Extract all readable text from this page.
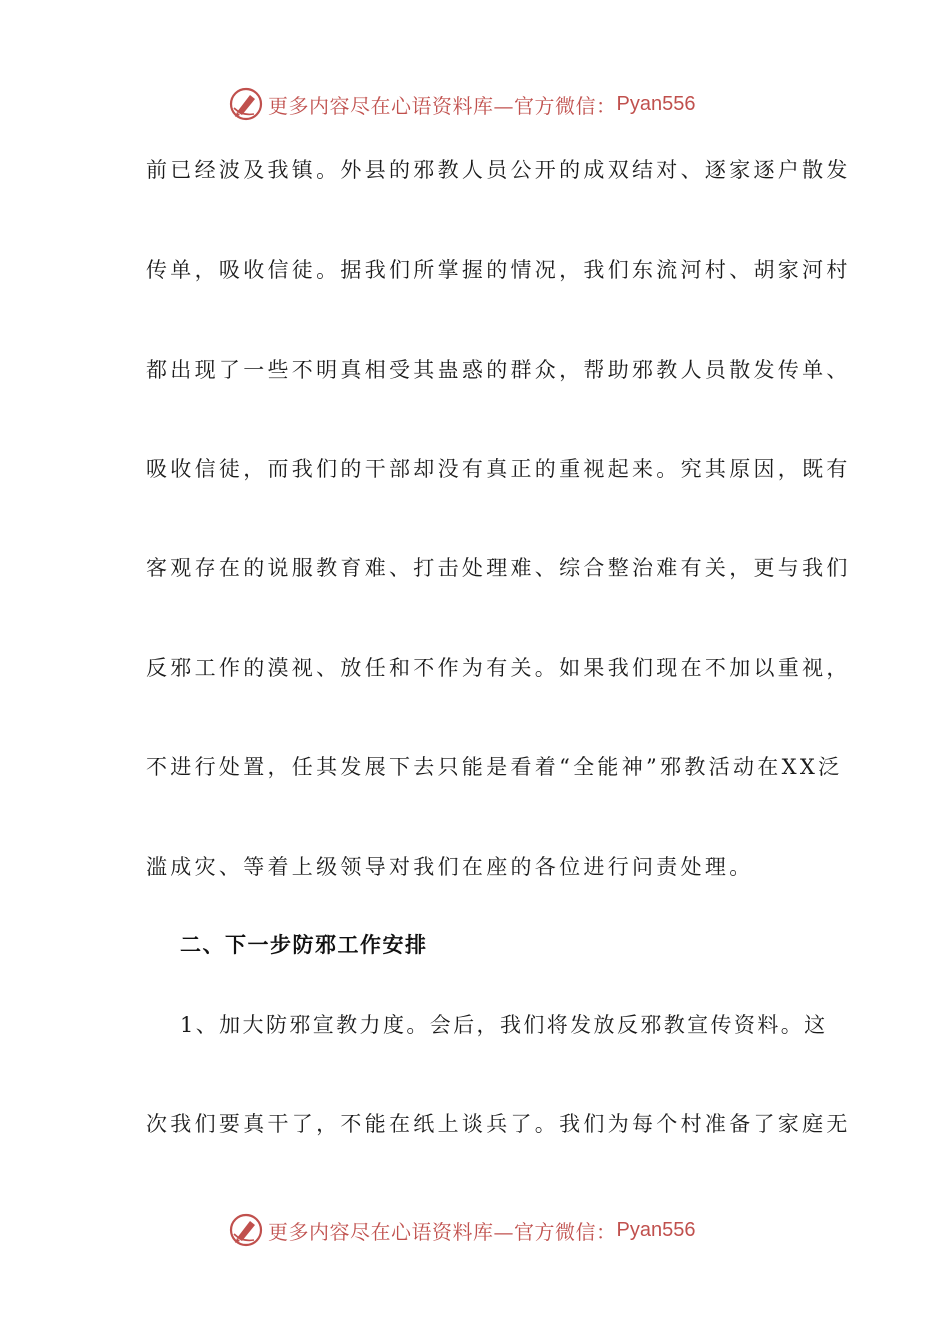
更多内容尽在心语资料库—官方微信： Pyan556
前已经波及我镇。外县的邪教人员公开的成双结对、逐家逐户散发
传单，吸收信徒。据我们所掌握的情况，我们东流河村、胡家河村
都出现了一些不明真相受其蛊惑的群众，帮助邪教人员散发传单、
吸收信徒，而我们的干部却没有真正的重视起来。究其原因，既有
客观存在的说服教育难、打击处理难、综合整治难有关，更与我们
反邪工作的漠视、放任和不作为有关。如果我们现在不加以重视，
不进行处置，任其发展下去只能是看着“全能神”邪教活动在XX泛
滥成灾、等着上级领导对我们在座的各位进行问责处理。
二、下一步防邪工作安排
1、加大防邪宣教力度。会后，我们将发放反邪教宣传资料。这
次我们要真干了，不能在纸上谈兵了。我们为每个村准备了家庭无
更多内容尽在心语资料库—官方微信： Pyan556
